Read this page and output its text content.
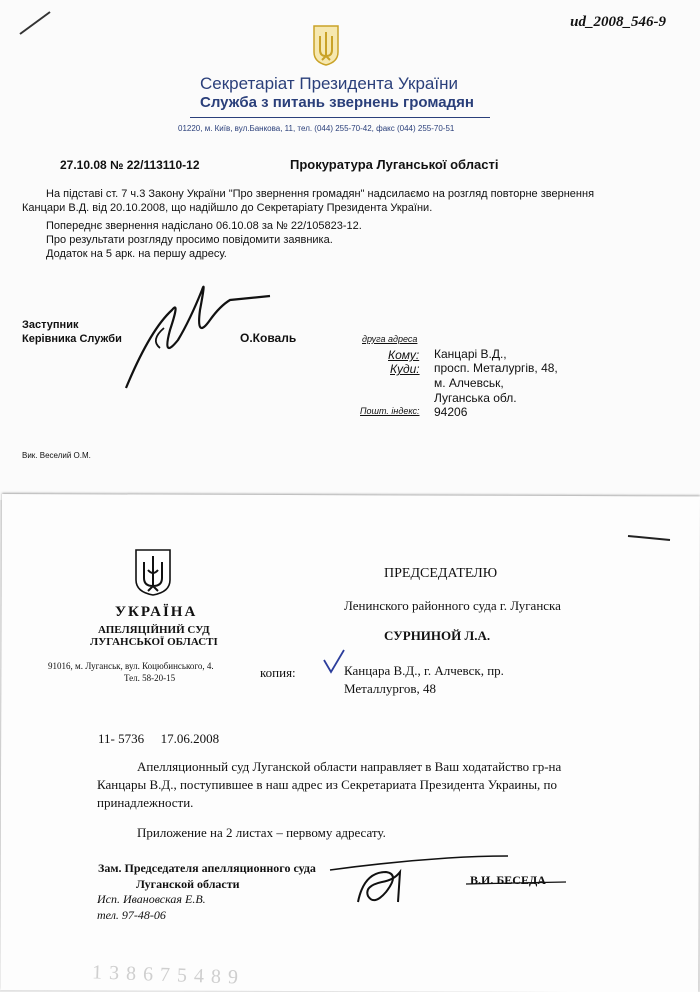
ud_2008_546-9
Секретаріат Президента України
Служба з питань звернень громадян
01220, м. Київ, вул.Банкова, 11, тел. (044) 255-70-42, факс (044) 255-70-51
27.10.08 № 22/113110-12	Прокуратура Луганської області
На підставі ст. 7 ч.3 Закону України "Про звернення громадян" надсилаємо на розгляд повторне звернення
Канцари В.Д. від 20.10.2008, що надійшло до Секретаріату Президента України.
Попереднє звернення надіслано 06.10.08 за № 22/105823-12.
Про результати розгляду просимо повідомити заявника.
Додаток на 5 арк. на першу адресу.
Заступник
Керівника Служби	О.Коваль	друга адреса
Кому: Канцарі В.Д.,
Куди: просп. Металургів, 48,
м. Алчевськ,
Луганська обл.
Пошт. індекс: 94206
Вик. Веселий О.М.
УКРАЇНА
АПЕЛЯЦІЙНИЙ СУД
ЛУГАНСЬКОЇ ОБЛАСТІ
91016, м. Луганськ, вул. Коцюбинського, 4.
Тел. 58-20-15
ПРЕДСЕДАТЕЛЮ
Ленинского районного суда г. Луганска
СУРНИНОЙ Л.А.
копия:	Канцара В.Д., г. Алчевск, пр.
Металлургов, 48
11- 5736 17.06.2008
Апелляционный суд Луганской области направляет в Ваш ходатайство гр-на
Канцары В.Д., поступившее в наш адрес из Секретариата Президента Украины, по
принадлежности.
Приложение на 2 листах – первому адресату.
Зам. Председателя апелляционного суда
Луганской области	В.И. БЕСЕДА
Исп. Ивановская Е.В.
тел. 97-48-06
1 3 8 6 7 5 4 8 9
